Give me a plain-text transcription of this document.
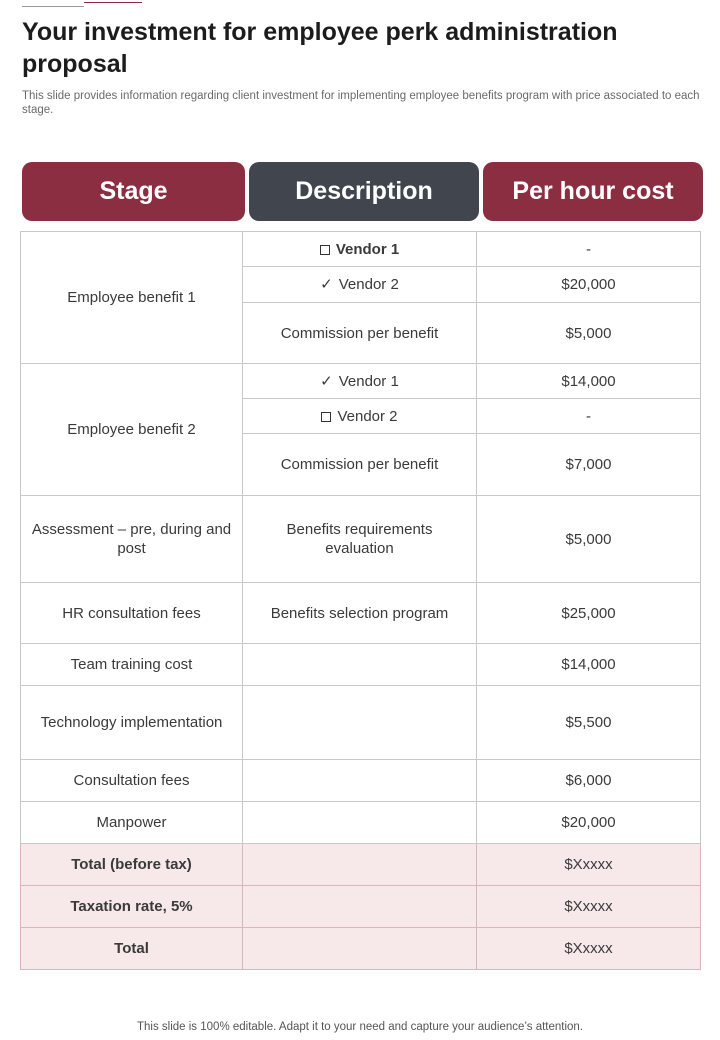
Your investment for employee perk administration proposal
This slide provides information regarding client investment for implementing employee benefits program with price associated to each stage.
Stage	Description	Per hour cost
Employee benefit 1	Vendor 1	-
	✓ Vendor 2	$20,000
	Commission per benefit	$5,000
Employee benefit 2	✓ Vendor 1	$14,000
	Vendor 2	-
	Commission per benefit	$7,000
Assessment – pre, during and post	Benefits requirements evaluation	$5,000
HR consultation fees	Benefits selection program	$25,000
Team training cost		$14,000
Technology implementation		$5,500
Consultation fees		$6,000
Manpower		$20,000
Total (before tax)		$Xxxxx
Taxation rate, 5%		$Xxxxx
Total		$Xxxxx
This slide is 100% editable. Adapt it to your need and capture your audience’s attention.
